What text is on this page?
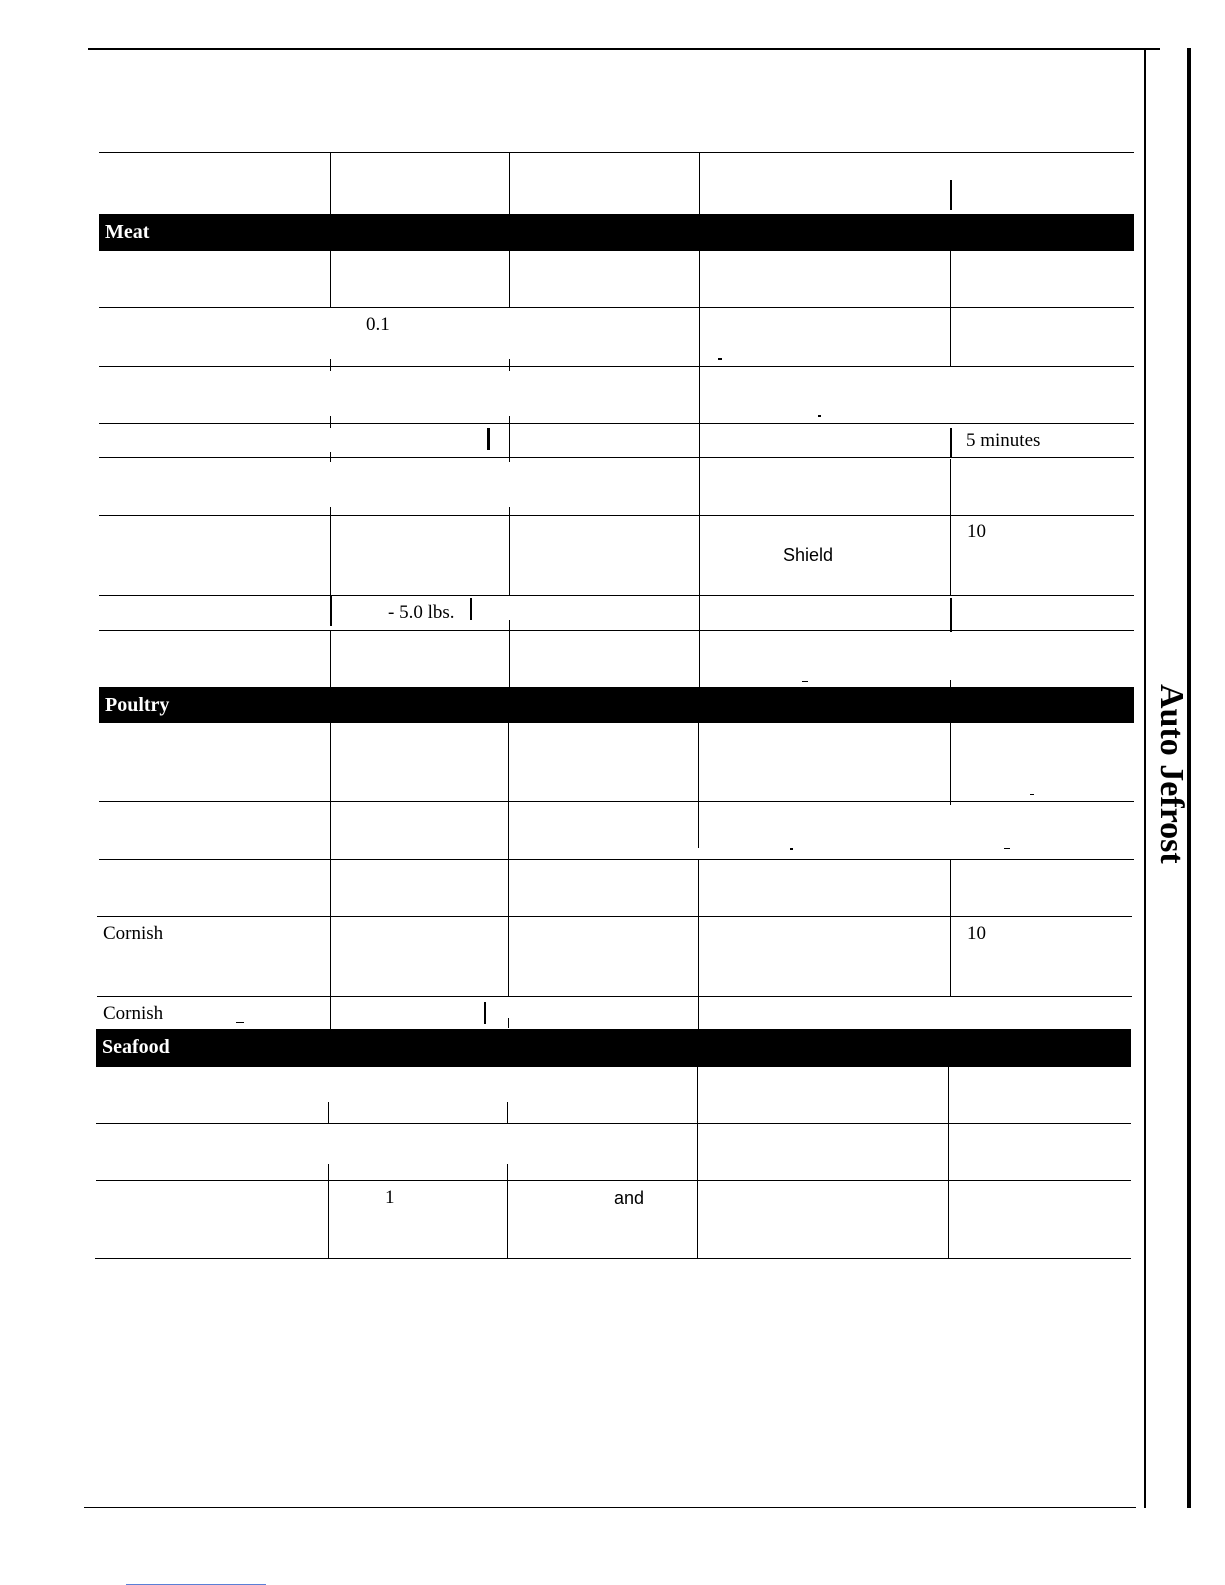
Auto Jefrost
Meat
0.1
5 minutes
Shield
10
- 5.0 lbs.
Poultry
Cornish	10
Cornish
Seafood
1	and
